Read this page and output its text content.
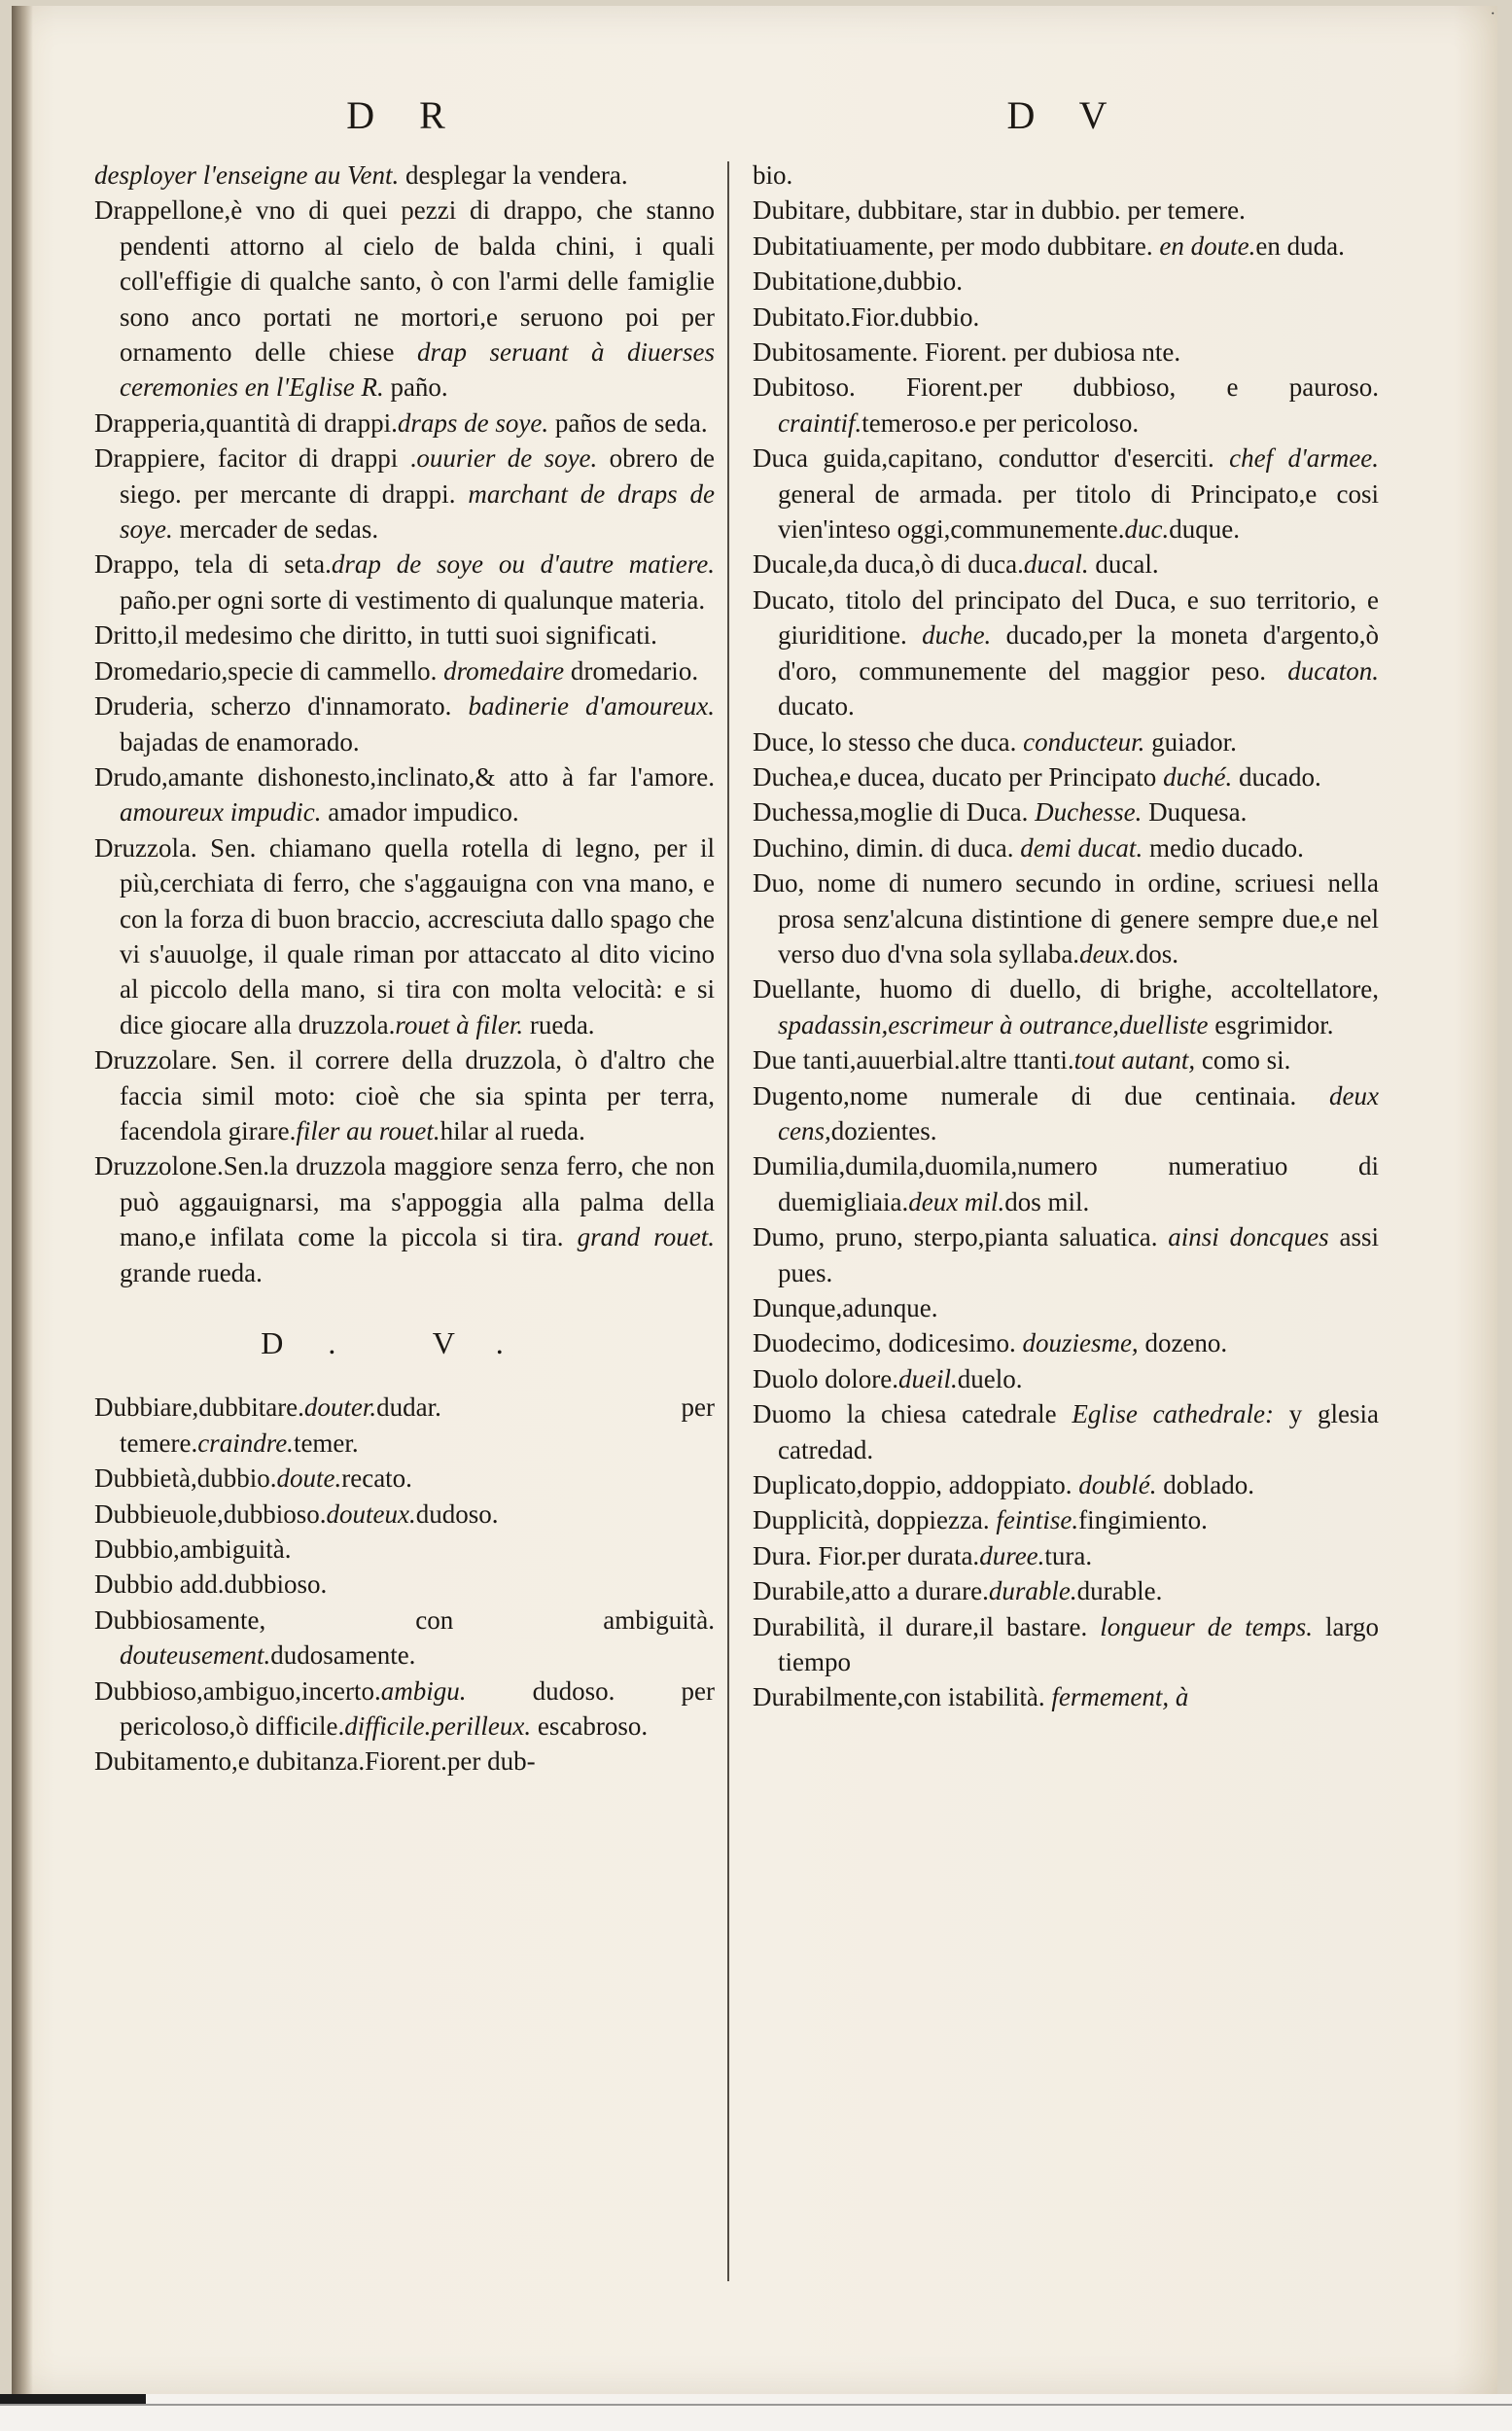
·
D R

desployer l'enseigne au Vent. desplegar la vendera.

Drappellone,è vno di quei pezzi di drappo, che stanno pendenti attorno al cielo de balda chini, i quali coll'effigie di qualche santo, ò con l'armi delle famiglie sono anco portati ne mortori,e seruono poi per ornamento delle chiese drap seruant à diuerses ceremonies en l'Eglise R. paño.

Drapperia,quantità di drappi.draps de soye. paños de seda.

Drappiere, facitor di drappi .ouurier de soye. obrero de siego. per mercante di drappi. marchant de draps de soye. mercader de sedas.

Drappo, tela di seta.drap de soye ou d'autre matiere. paño.per ogni sorte di vestimento di qualunque materia.

Dritto,il medesimo che diritto, in tutti suoi significati.

Dromedario,specie di cammello. dromedaire dromedario.

Druderia, scherzo d'innamorato. badinerie d'amoureux. bajadas de enamorado.

Drudo,amante dishonesto,inclinato,& atto à far l'amore. amoureux impudic. amador impudico.

Druzzola. Sen. chiamano quella rotella di legno, per il più,cerchiata di ferro, che s'aggauigna con vna mano, e con la forza di buon braccio, accresciuta dallo spago che vi s'auuolge, il quale riman por attaccato al dito vicino al piccolo della mano, si tira con molta velocità: e si dice giocare alla druzzola.rouet à filer. rueda.

Druzzolare. Sen. il correre della druzzola, ò d'altro che faccia simil moto: cioè che sia spinta per terra, facendola girare.filer au rouet.hilar al rueda.

Druzzolone.Sen.la druzzola maggiore senza ferro, che non può aggauignarsi, ma s'appoggia alla palma della mano,e infilata come la piccola si tira. grand rouet. grande rueda.

D. V.

Dubbiare,dubbitare.douter.dudar. per temere.craindre.temer.

Dubbietà,dubbio.doute.recato.

Dubbieuole,dubbioso.douteux.dudoso.

Dubbio,ambiguità.

Dubbio add.dubbioso.

Dubbiosamente, con ambiguità. douteusement.dudosamente.

Dubbioso,ambiguo,incerto.ambigu. dudoso. per pericoloso,ò difficile.difficile.perilleux. escabroso.

Dubitamento,e dubitanza.Fiorent.per dub-

D V

bio.

Dubitare, dubbitare, star in dubbio. per temere.

Dubitatiuamente, per modo dubbitare. en doute.en duda.

Dubitatione,dubbio.

Dubitato.Fior.dubbio.

Dubitosamente. Fiorent. per dubiosa nte.

Dubitoso. Fiorent.per dubbioso, e pauroso. craintif.temeroso.e per pericoloso.

Duca guida,capitano, conduttor d'eserciti. chef d'armee. general de armada. per titolo di Principato,e cosi vien'inteso oggi,communemente.duc.duque.

Ducale,da duca,ò di duca.ducal. ducal.

Ducato, titolo del principato del Duca, e suo territorio, e giuriditione. duche. ducado,per la moneta d'argento,ò d'oro, communemente del maggior peso. ducaton. ducato.

Duce, lo stesso che duca. conducteur. guiador.

Duchea,e ducea, ducato per Principato duché. ducado.

Duchessa,moglie di Duca. Duchesse. Duquesa.

Duchino, dimin. di duca. demi ducat. medio ducado.

Duo, nome di numero secundo in ordine, scriuesi nella prosa senz'alcuna distintione di genere sempre due,e nel verso duo d'vna sola syllaba.deux.dos.

Duellante, huomo di duello, di brighe, accoltellatore, spadassin,escrimeur à outrance,duelliste esgrimidor.

Due tanti,auuerbial.altre ttanti.tout autant, como si.

Dugento,nome numerale di due centinaia. deux cens,dozientes.

Dumilia,dumila,duomila,numero numeratiuo di duemigliaia.deux mil.dos mil.

Dumo, pruno, sterpo,pianta saluatica. ainsi doncques assi pues.

Dunque,adunque.

Duodecimo, dodicesimo. douziesme, dozeno.

Duolo dolore.dueil.duelo.

Duomo la chiesa catedrale Eglise cathedrale: y glesia catredad.

Duplicato,doppio, addoppiato. doublé. doblado.

Dupplicità, doppiezza. feintise.fingimiento.

Dura. Fior.per durata.duree.tura.

Durabile,atto a durare.durable.durable.

Durabilità, il durare,il bastare. longueur de temps. largo tiempo

Durabilmente,con istabilità. fermement, à
